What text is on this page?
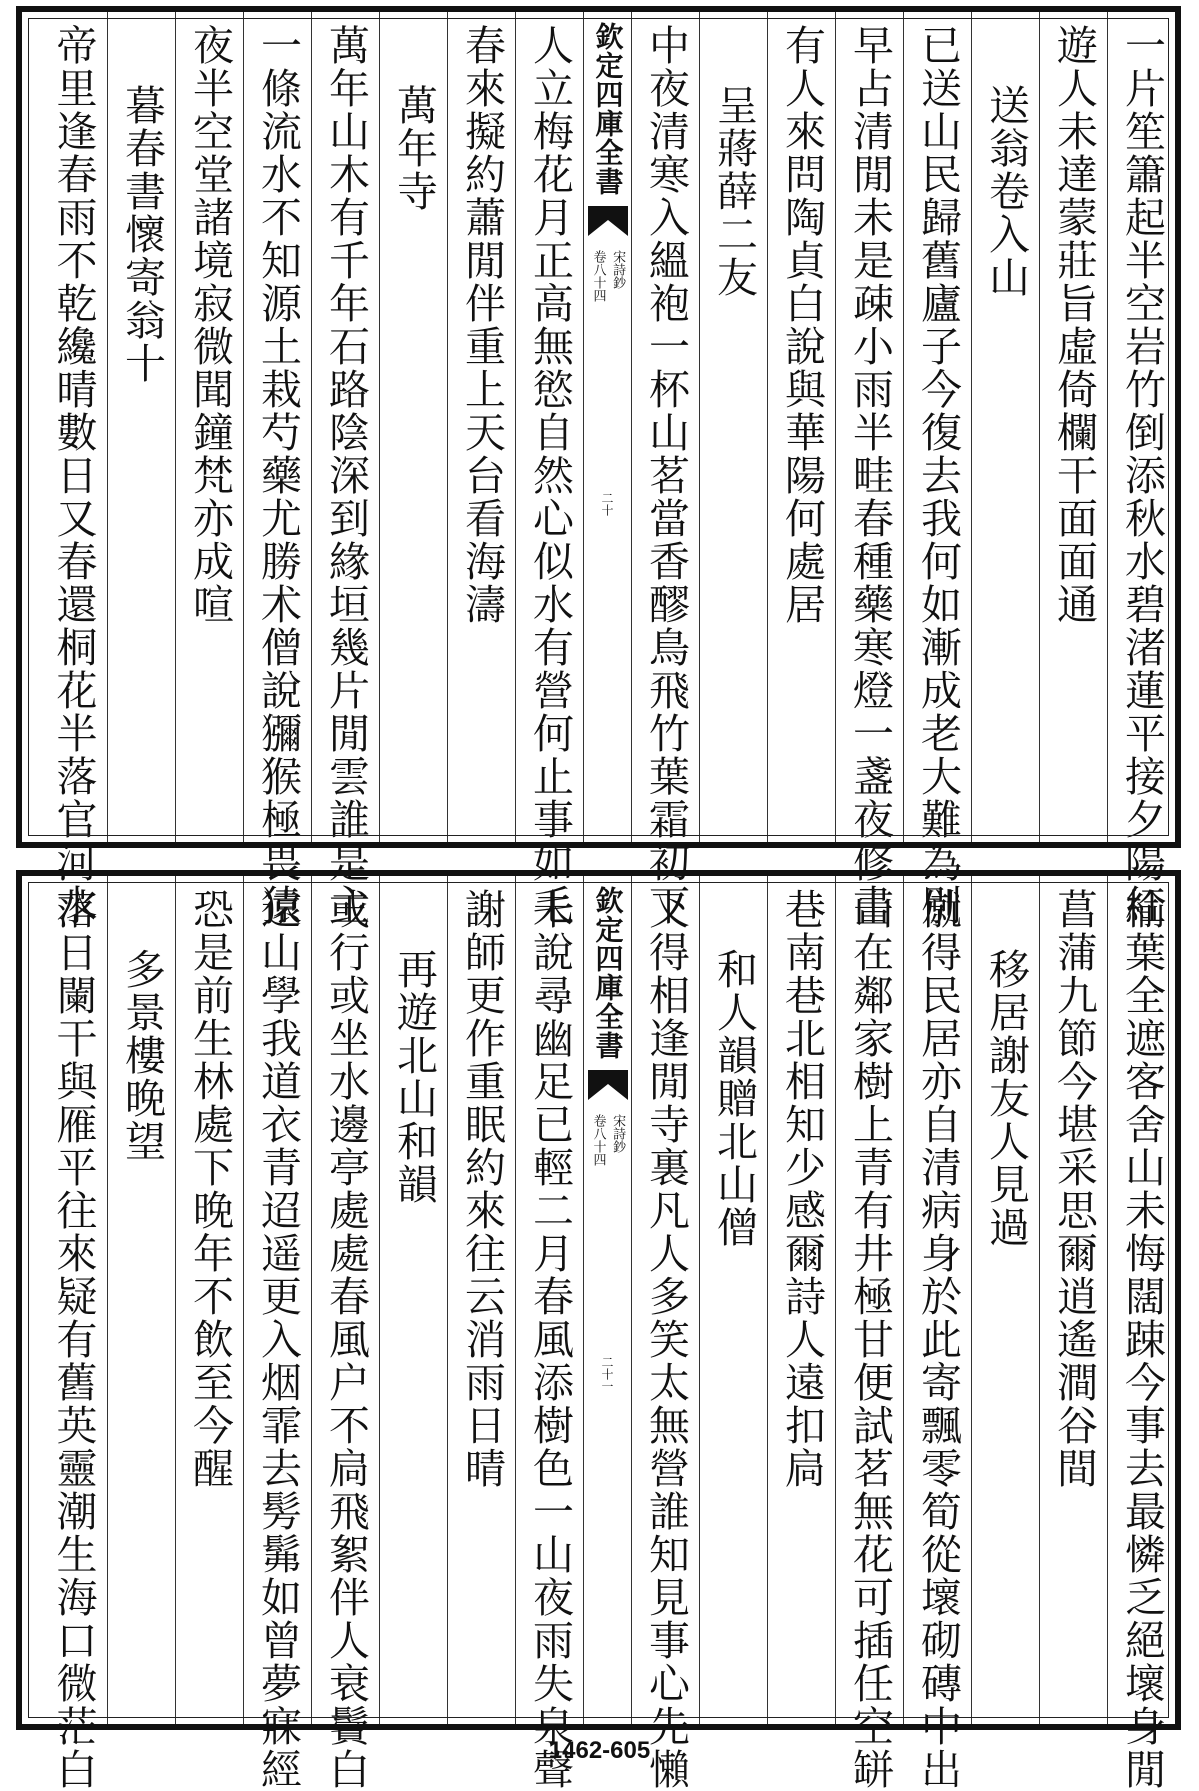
一片笙簫起半空岩竹倒添秋水碧渚蓮平接夕陽紅
遊人未達蒙莊旨虛倚欄干面面通
送翁卷入山
已送山民歸舊廬子今復去我何如漸成老大難為別
早占清閒未是疎小雨半畦春種藥寒燈一盞夜修書
有人來問陶貞白說與華陽何處居
呈蔣薛二友
中夜清寒入縕袍一杯山茗當香醪鳥飛竹葉霜初下
欽定四庫全書
宋詩鈔
卷八十四
二十
人立梅花月正高無慾自然心似水有營何止事如毛
春來擬約蕭閒伴重上天台看海濤
萬年寺
萬年山木有千年石路陰深到緣垣幾片閒雲誰是主
一條流水不知源土栽芍藥尤勝术僧說獼猴極畏猿
夜半空堂諸境寂微聞鐘梵亦成喧
暮春書懷寄翁十
帝里逢春雨不乾纔晴數日又春還桐花半落官河水
榆葉全遮客舍山未悔闊踈今事去最憐乏絕壞身閒
菖蒲九節今堪采思爾逍遙澗谷間
移居謝友人見過
僦得民居亦自清病身於此寄飄零筍從壞砌磚中出
山在鄰家樹上青有井極甘便試茗無花可插任空缾
巷南巷北相知少感爾詩人遠扣扃
和人韻贈北山僧
又得相逢閒寺裏凡人多笑太無營誰知見事心先懶
欽定四庫全書
宋詩鈔
卷八十四
二十一
未說尋幽足已輕二月春風添樹色一山夜雨失泉聲
謝師更作重眠約來往云消雨日晴
再遊北山和韻
或行或坐水邊亭處處春風户不扃飛絮伴人衰鬢白
遠山學我道衣青迢遥更入烟霏去髣髴如曾夢寐經
恐是前生林處下晚年不飲至今醒
多景樓晚望
落日闌干與雁平往來疑有舊英靈潮生海口微茫白	1462-605
